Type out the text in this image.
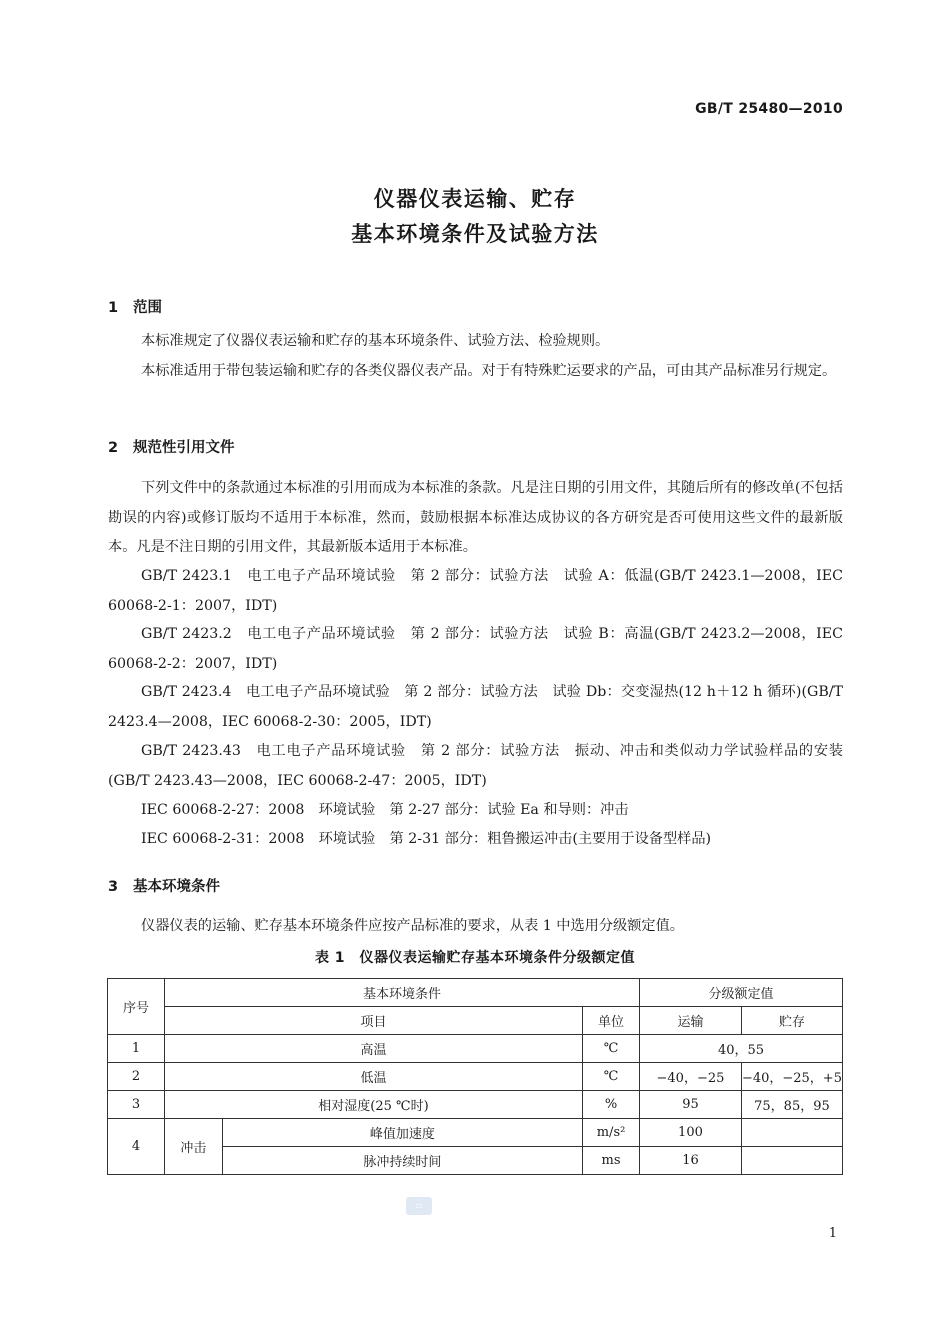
GB/T 25480—2010
仪器仪表运输、贮存
基本环境条件及试验方法
1 范围
本标准规定了仪器仪表运输和贮存的基本环境条件、试验方法、检验规则。
本标准适用于带包装运输和贮存的各类仪器仪表产品。对于有特殊贮运要求的产品，可由其产品标准另行规定。
2 规范性引用文件
下列文件中的条款通过本标准的引用而成为本标准的条款。凡是注日期的引用文件，其随后所有的修改单(不包括勘误的内容)或修订版均不适用于本标准，然而，鼓励根据本标准达成协议的各方研究是否可使用这些文件的最新版本。凡是不注日期的引用文件，其最新版本适用于本标准。
GB/T 2423.1　电工电子产品环境试验　第 2 部分：试验方法　试验 A：低温(GB/T 2423.1—2008，IEC 60068-2-1：2007，IDT)
GB/T 2423.2　电工电子产品环境试验　第 2 部分：试验方法　试验 B：高温(GB/T 2423.2—2008，IEC 60068-2-2：2007，IDT)
GB/T 2423.4　电工电子产品环境试验　第 2 部分：试验方法　试验 Db：交变湿热(12 h＋12 h 循环)(GB/T 2423.4—2008，IEC 60068-2-30：2005，IDT)
GB/T 2423.43　电工电子产品环境试验　第 2 部分：试验方法　振动、冲击和类似动力学试验样品的安装(GB/T 2423.43—2008，IEC 60068-2-47：2005，IDT)
IEC 60068-2-27：2008　环境试验　第 2-27 部分：试验 Ea 和导则：冲击
IEC 60068-2-31：2008　环境试验　第 2-31 部分：粗鲁搬运冲击(主要用于设备型样品)
3 基本环境条件
仪器仪表的运输、贮存基本环境条件应按产品标准的要求，从表 1 中选用分级额定值。
表 1　仪器仪表运输贮存基本环境条件分级额定值
序号	基本环境条件			分级额定值	
	项目		单位	运输	贮存
1	高温		℃	40，55	
2	低温		℃	−40，−25	−40，−25，+5
3	相对湿度(25 ℃时)		%	95	75，85，95
4	冲击	峰值加速度	m/s²	100	
		脉冲持续时间	ms	16	
▭
1
